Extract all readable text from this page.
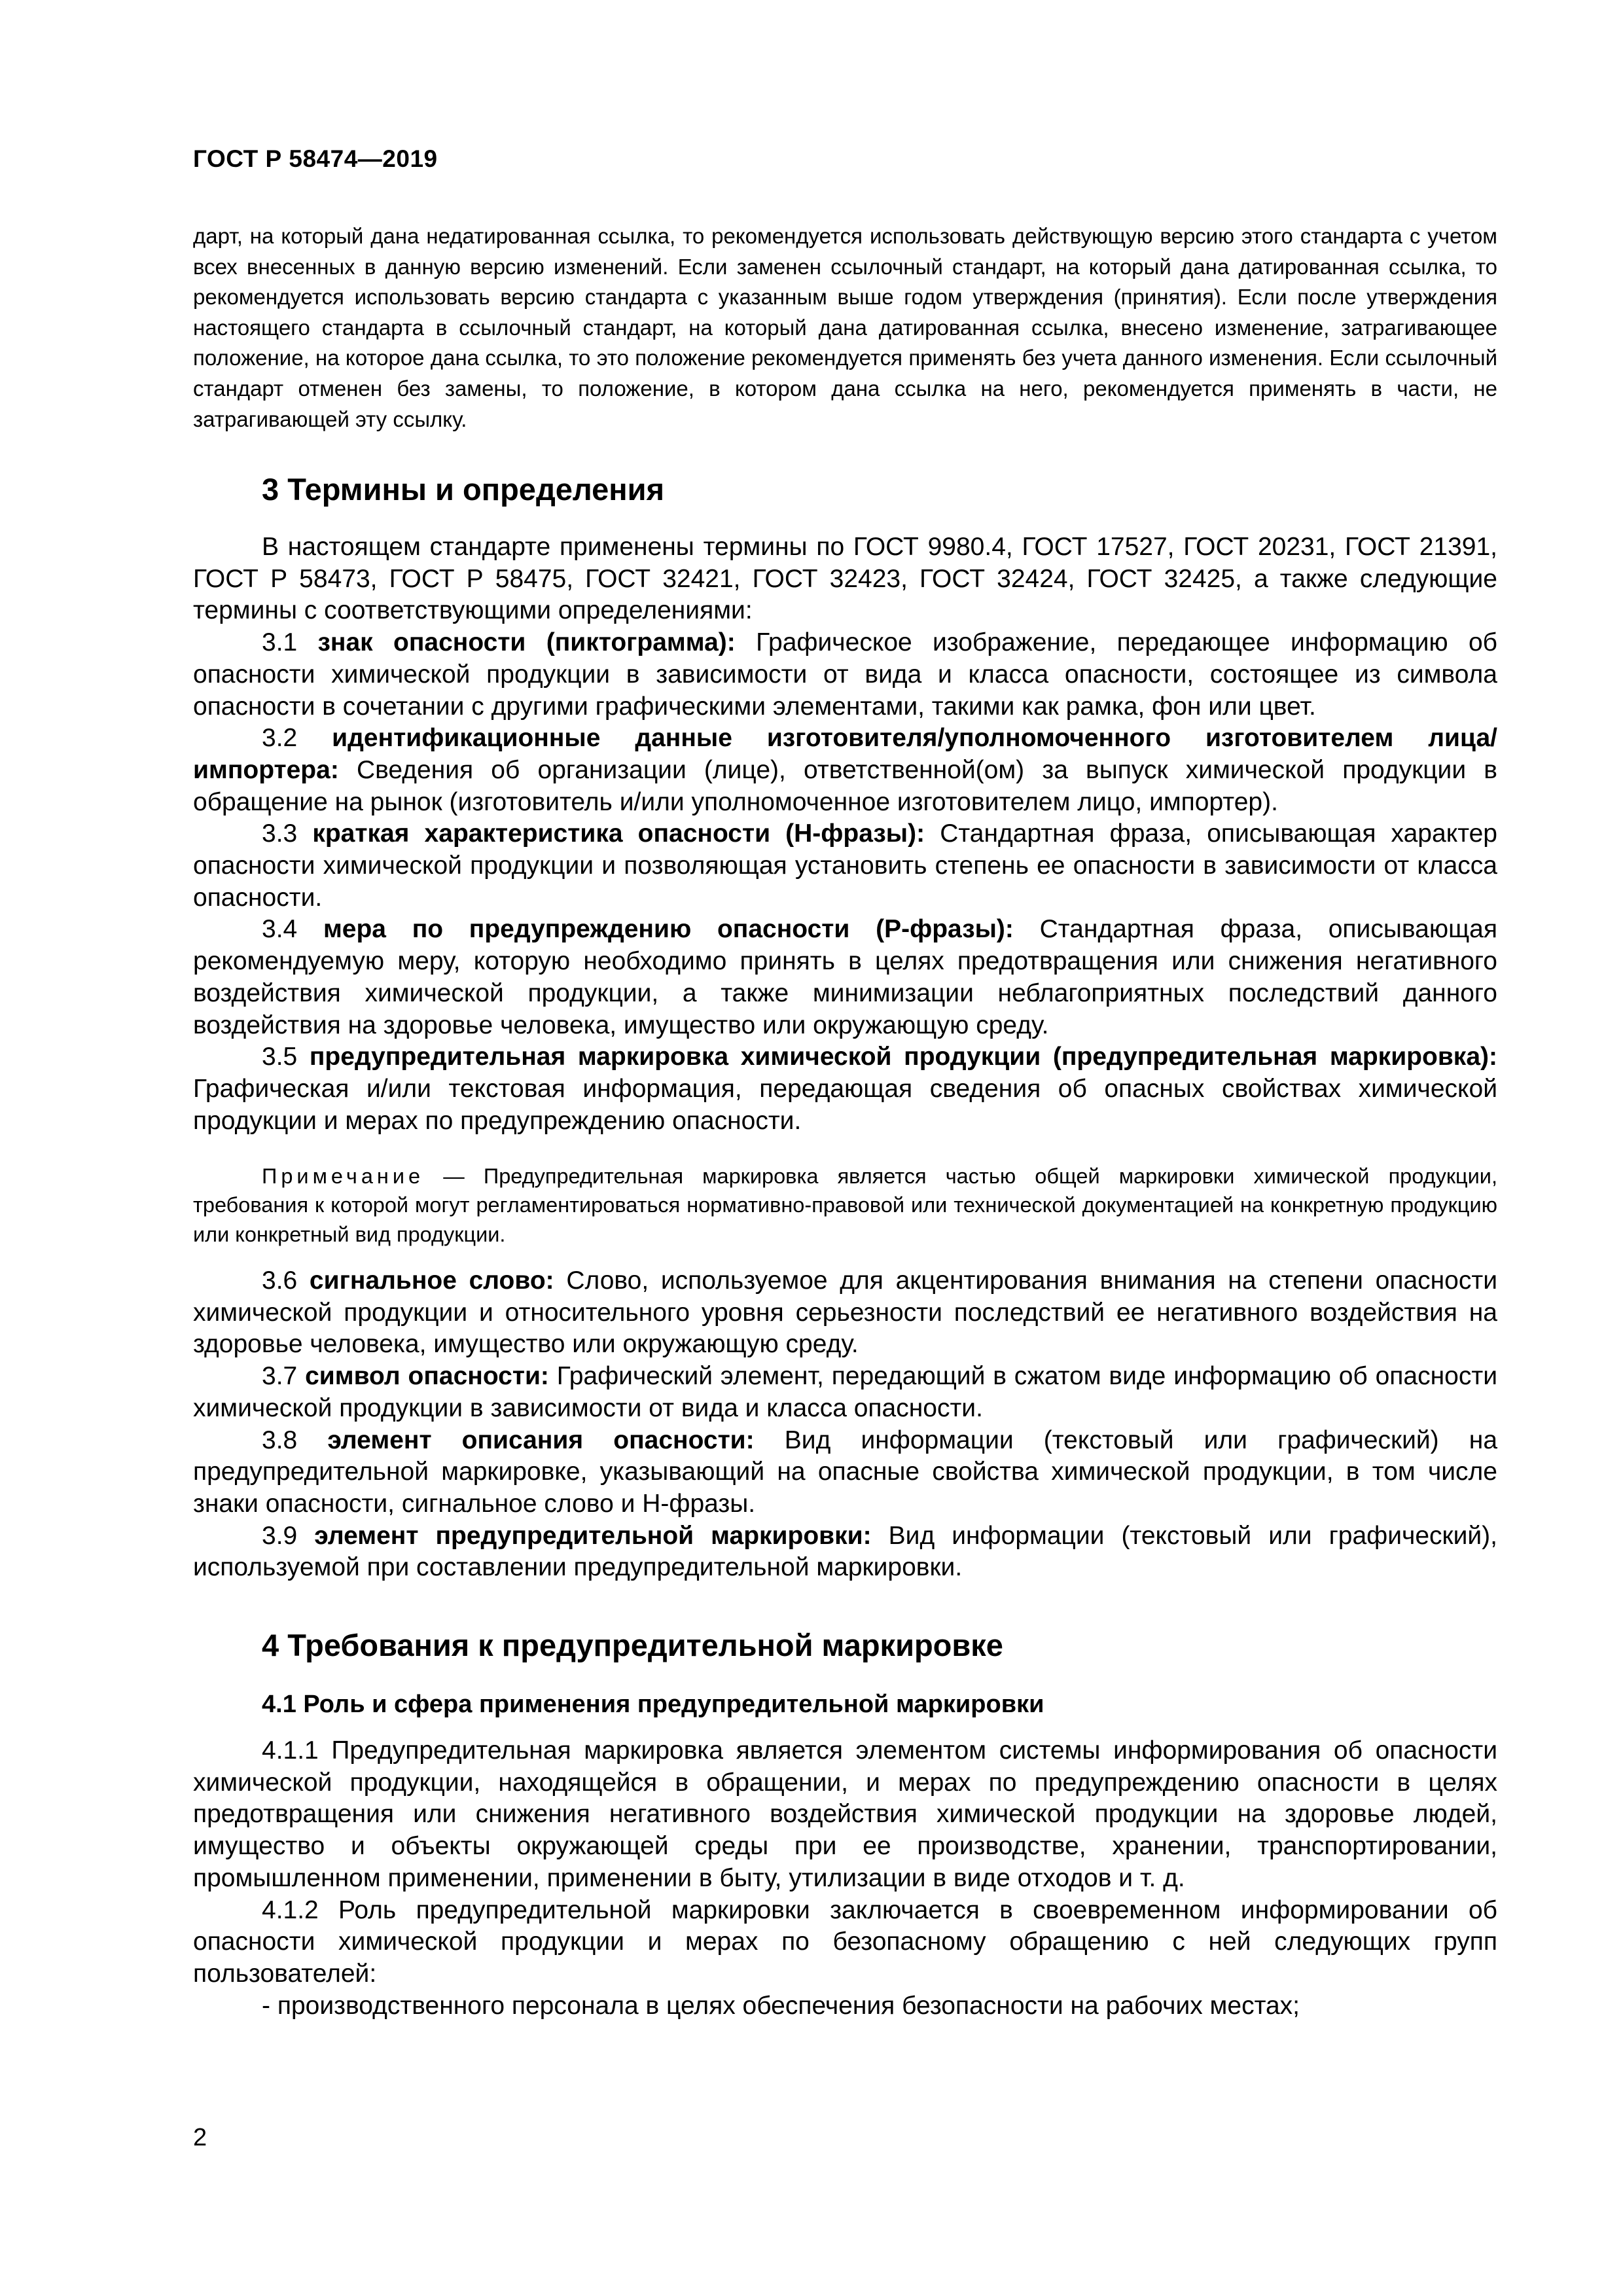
ГОСТ Р 58474—2019

дарт, на который дана недатированная ссылка, то рекомендуется использовать действующую версию этого стандарта с учетом всех внесенных в данную версию изменений. Если заменен ссылочный стандарт, на который дана датированная ссылка, то рекомендуется использовать версию стандарта с указанным выше годом утверждения (принятия). Если после утверждения настоящего стандарта в ссылочный стандарт, на который дана датированная ссылка, внесено изменение, затрагивающее положение, на которое дана ссылка, то это положение рекомендуется применять без учета данного изменения. Если ссылочный стандарт отменен без замены, то положение, в котором дана ссылка на него, рекомендуется применять в части, не затрагивающей эту ссылку.

3 Термины и определения

В настоящем стандарте применены термины по ГОСТ 9980.4, ГОСТ 17527, ГОСТ 20231, ГОСТ 21391, ГОСТ Р 58473, ГОСТ Р 58475, ГОСТ 32421, ГОСТ 32423, ГОСТ 32424, ГОСТ 32425, а также следующие термины с соответствующими определениями:

3.1 знак опасности (пиктограмма): Графическое изображение, передающее информацию об опасности химической продукции в зависимости от вида и класса опасности, состоящее из символа опасности в сочетании с другими графическими элементами, такими как рамка, фон или цвет.

3.2 идентификационные данные изготовителя/уполномоченного изготовителем лица/импортера: Сведения об организации (лице), ответственной(ом) за выпуск химической продукции в обращение на рынок (изготовитель и/или уполномоченное изготовителем лицо, импортер).

3.3 краткая характеристика опасности (Н-фразы): Стандартная фраза, описывающая характер опасности химической продукции и позволяющая установить степень ее опасности в зависимости от класса опасности.

3.4 мера по предупреждению опасности (Р-фразы): Стандартная фраза, описывающая рекомендуемую меру, которую необходимо принять в целях предотвращения или снижения негативного воздействия химической продукции, а также минимизации неблагоприятных последствий данного воздействия на здоровье человека, имущество или окружающую среду.

3.5 предупредительная маркировка химической продукции (предупредительная маркировка): Графическая и/или текстовая информация, передающая сведения об опасных свойствах химической продукции и мерах по предупреждению опасности.

Примечание — Предупредительная маркировка является частью общей маркировки химической продукции, требования к которой могут регламентироваться нормативно-правовой или технической документацией на конкретную продукцию или конкретный вид продукции.

3.6 сигнальное слово: Слово, используемое для акцентирования внимания на степени опасности химической продукции и относительного уровня серьезности последствий ее негативного воздействия на здоровье человека, имущество или окружающую среду.

3.7 символ опасности: Графический элемент, передающий в сжатом виде информацию об опасности химической продукции в зависимости от вида и класса опасности.

3.8 элемент описания опасности: Вид информации (текстовый или графический) на предупредительной маркировке, указывающий на опасные свойства химической продукции, в том числе знаки опасности, сигнальное слово и Н-фразы.

3.9 элемент предупредительной маркировки: Вид информации (текстовый или графический), используемой при составлении предупредительной маркировки.

4 Требования к предупредительной маркировке
4.1 Роль и сфера применения предупредительной маркировки

4.1.1 Предупредительная маркировка является элементом системы информирования об опасности химической продукции, находящейся в обращении, и мерах по предупреждению опасности в целях предотвращения или снижения негативного воздействия химической продукции на здоровье людей, имущество и объекты окружающей среды при ее производстве, хранении, транспортировании, промышленном применении, применении в быту, утилизации в виде отходов и т. д.

4.1.2 Роль предупредительной маркировки заключается в своевременном информировании об опасности химической продукции и мерах по безопасному обращению с ней следующих групп пользователей:

- производственного персонала в целях обеспечения безопасности на рабочих местах;

2
